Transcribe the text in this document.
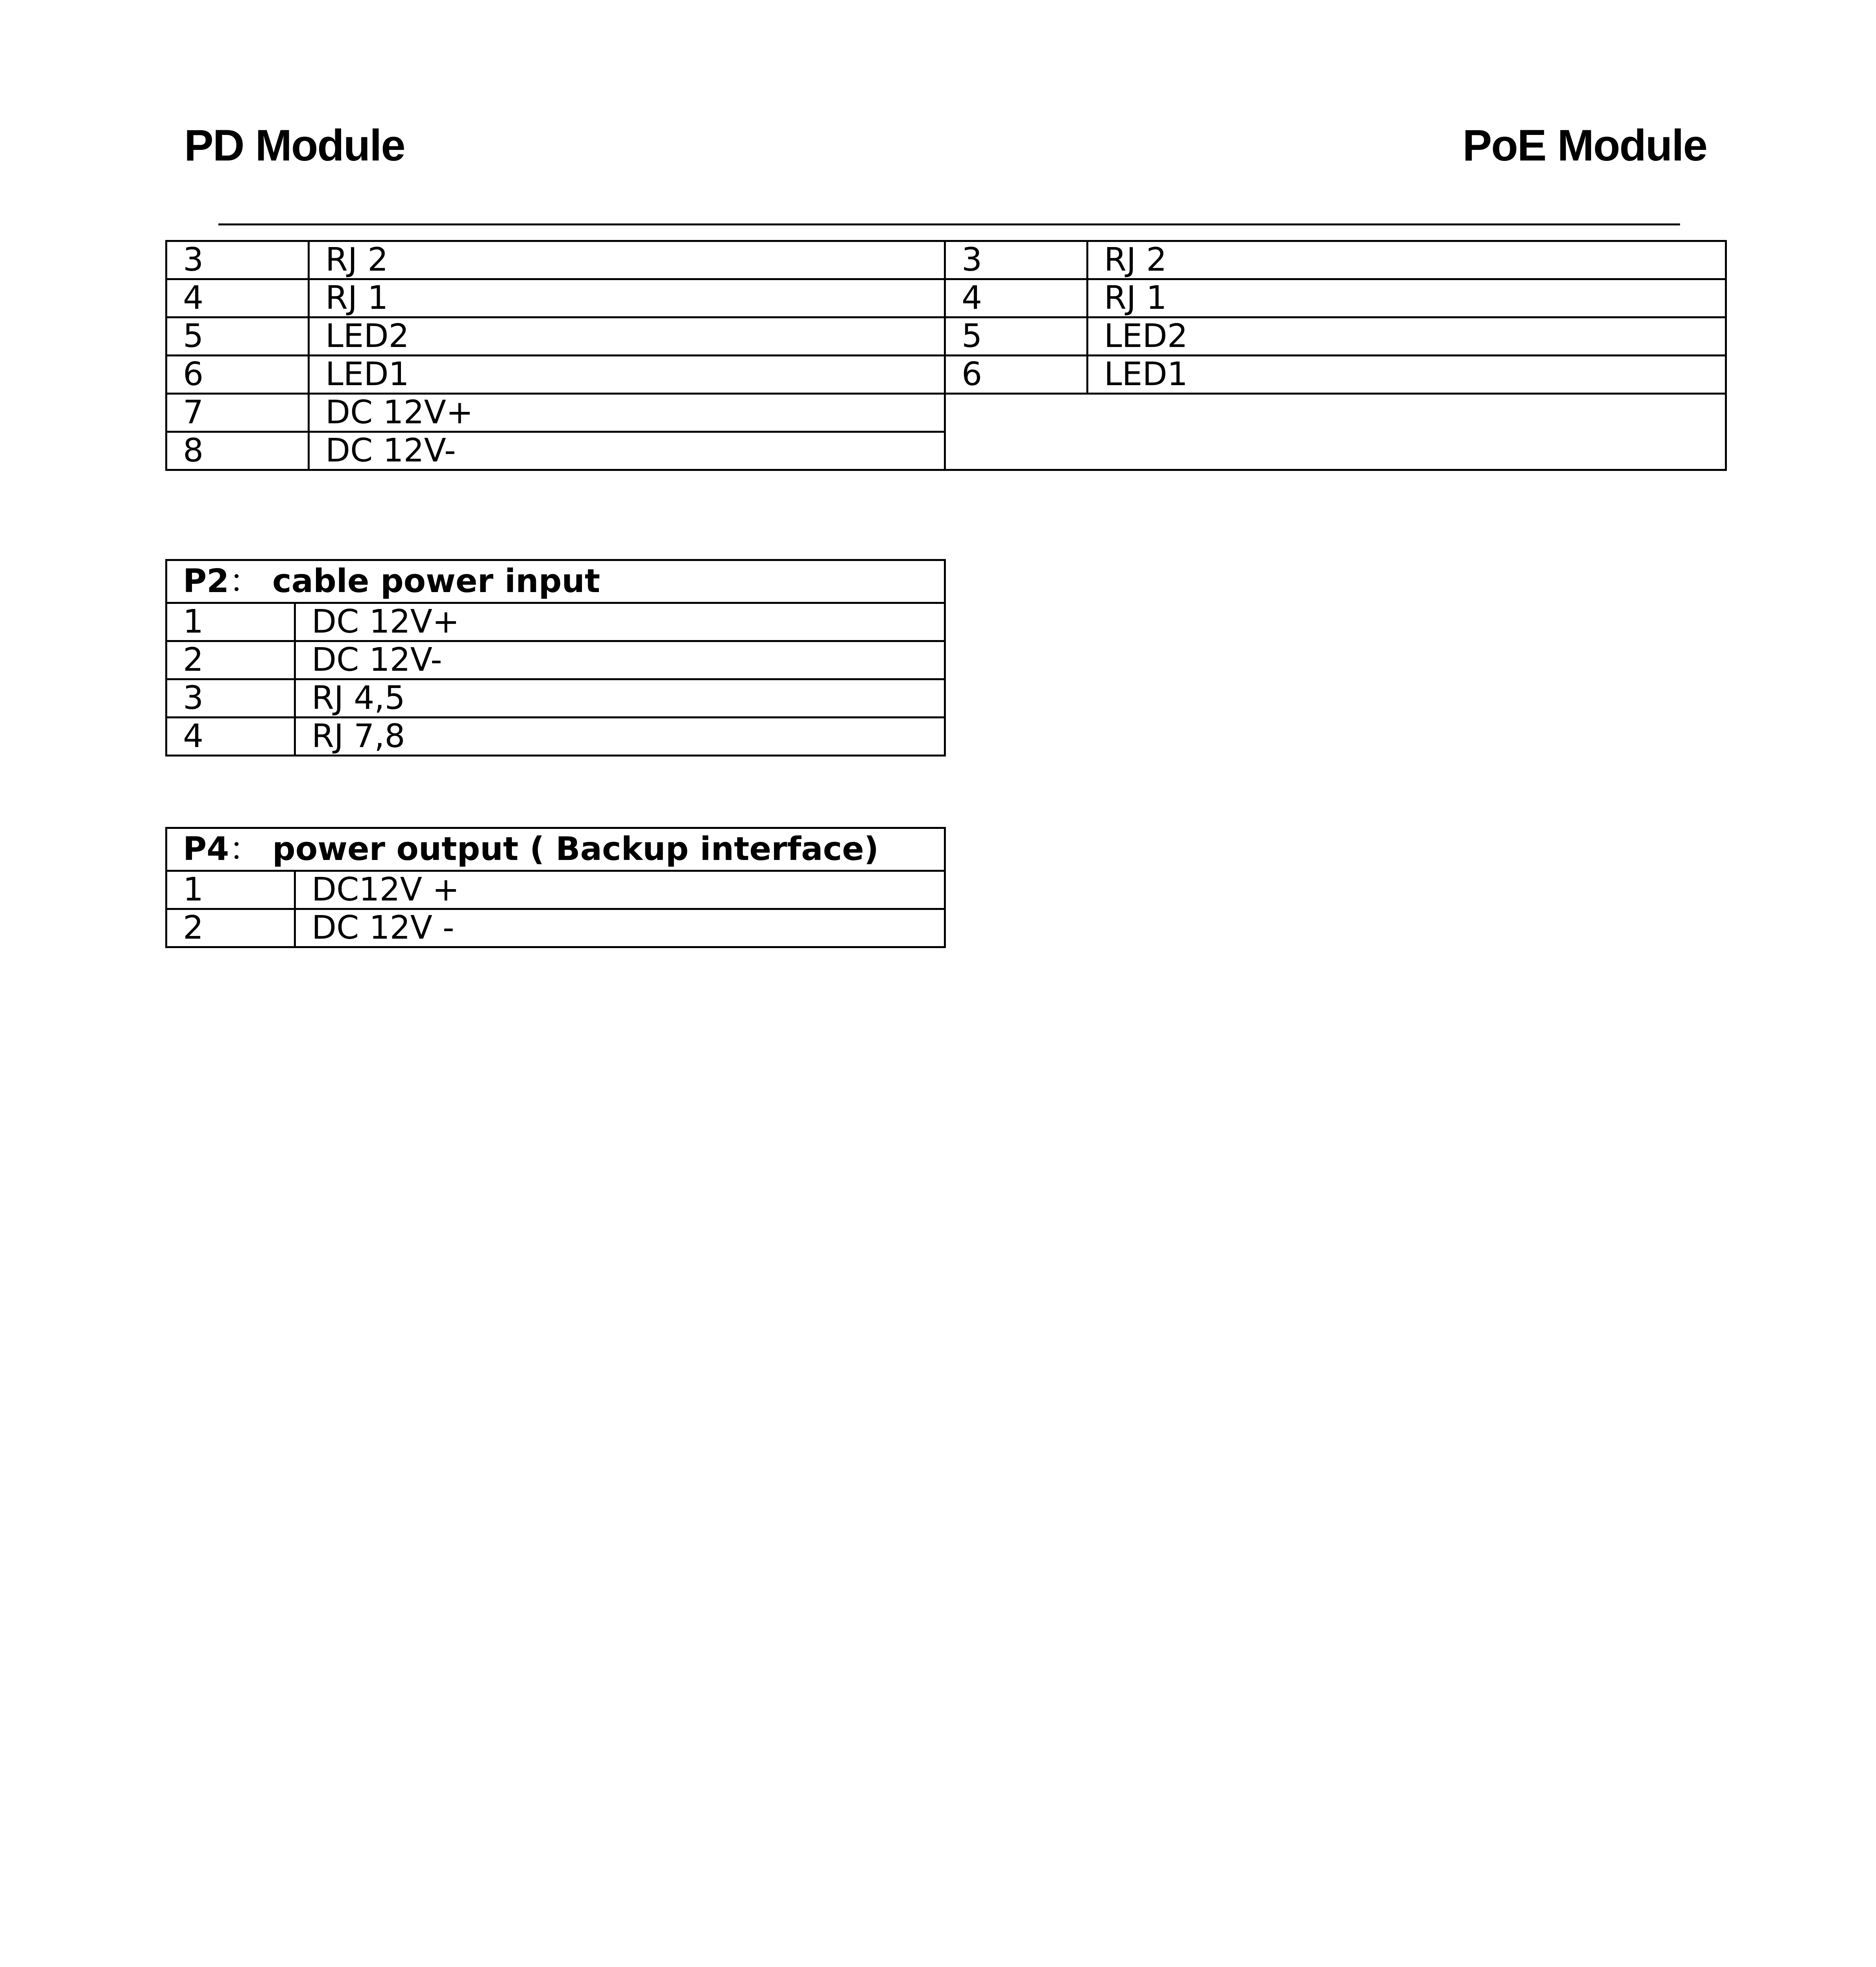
PD Module	PoE Module
3	RJ 2	3	RJ 2
4	RJ 1	4	RJ 1
5	LED2	5	LED2
6	LED1	6	LED1
7	DC 12V+		
8	DC 12V-		
P2： cable power input	
1	DC 12V+
2	DC 12V-
3	RJ 4,5
4	RJ 7,8
P4： power output ( Backup interface)	
1	DC12V +
2	DC 12V -
